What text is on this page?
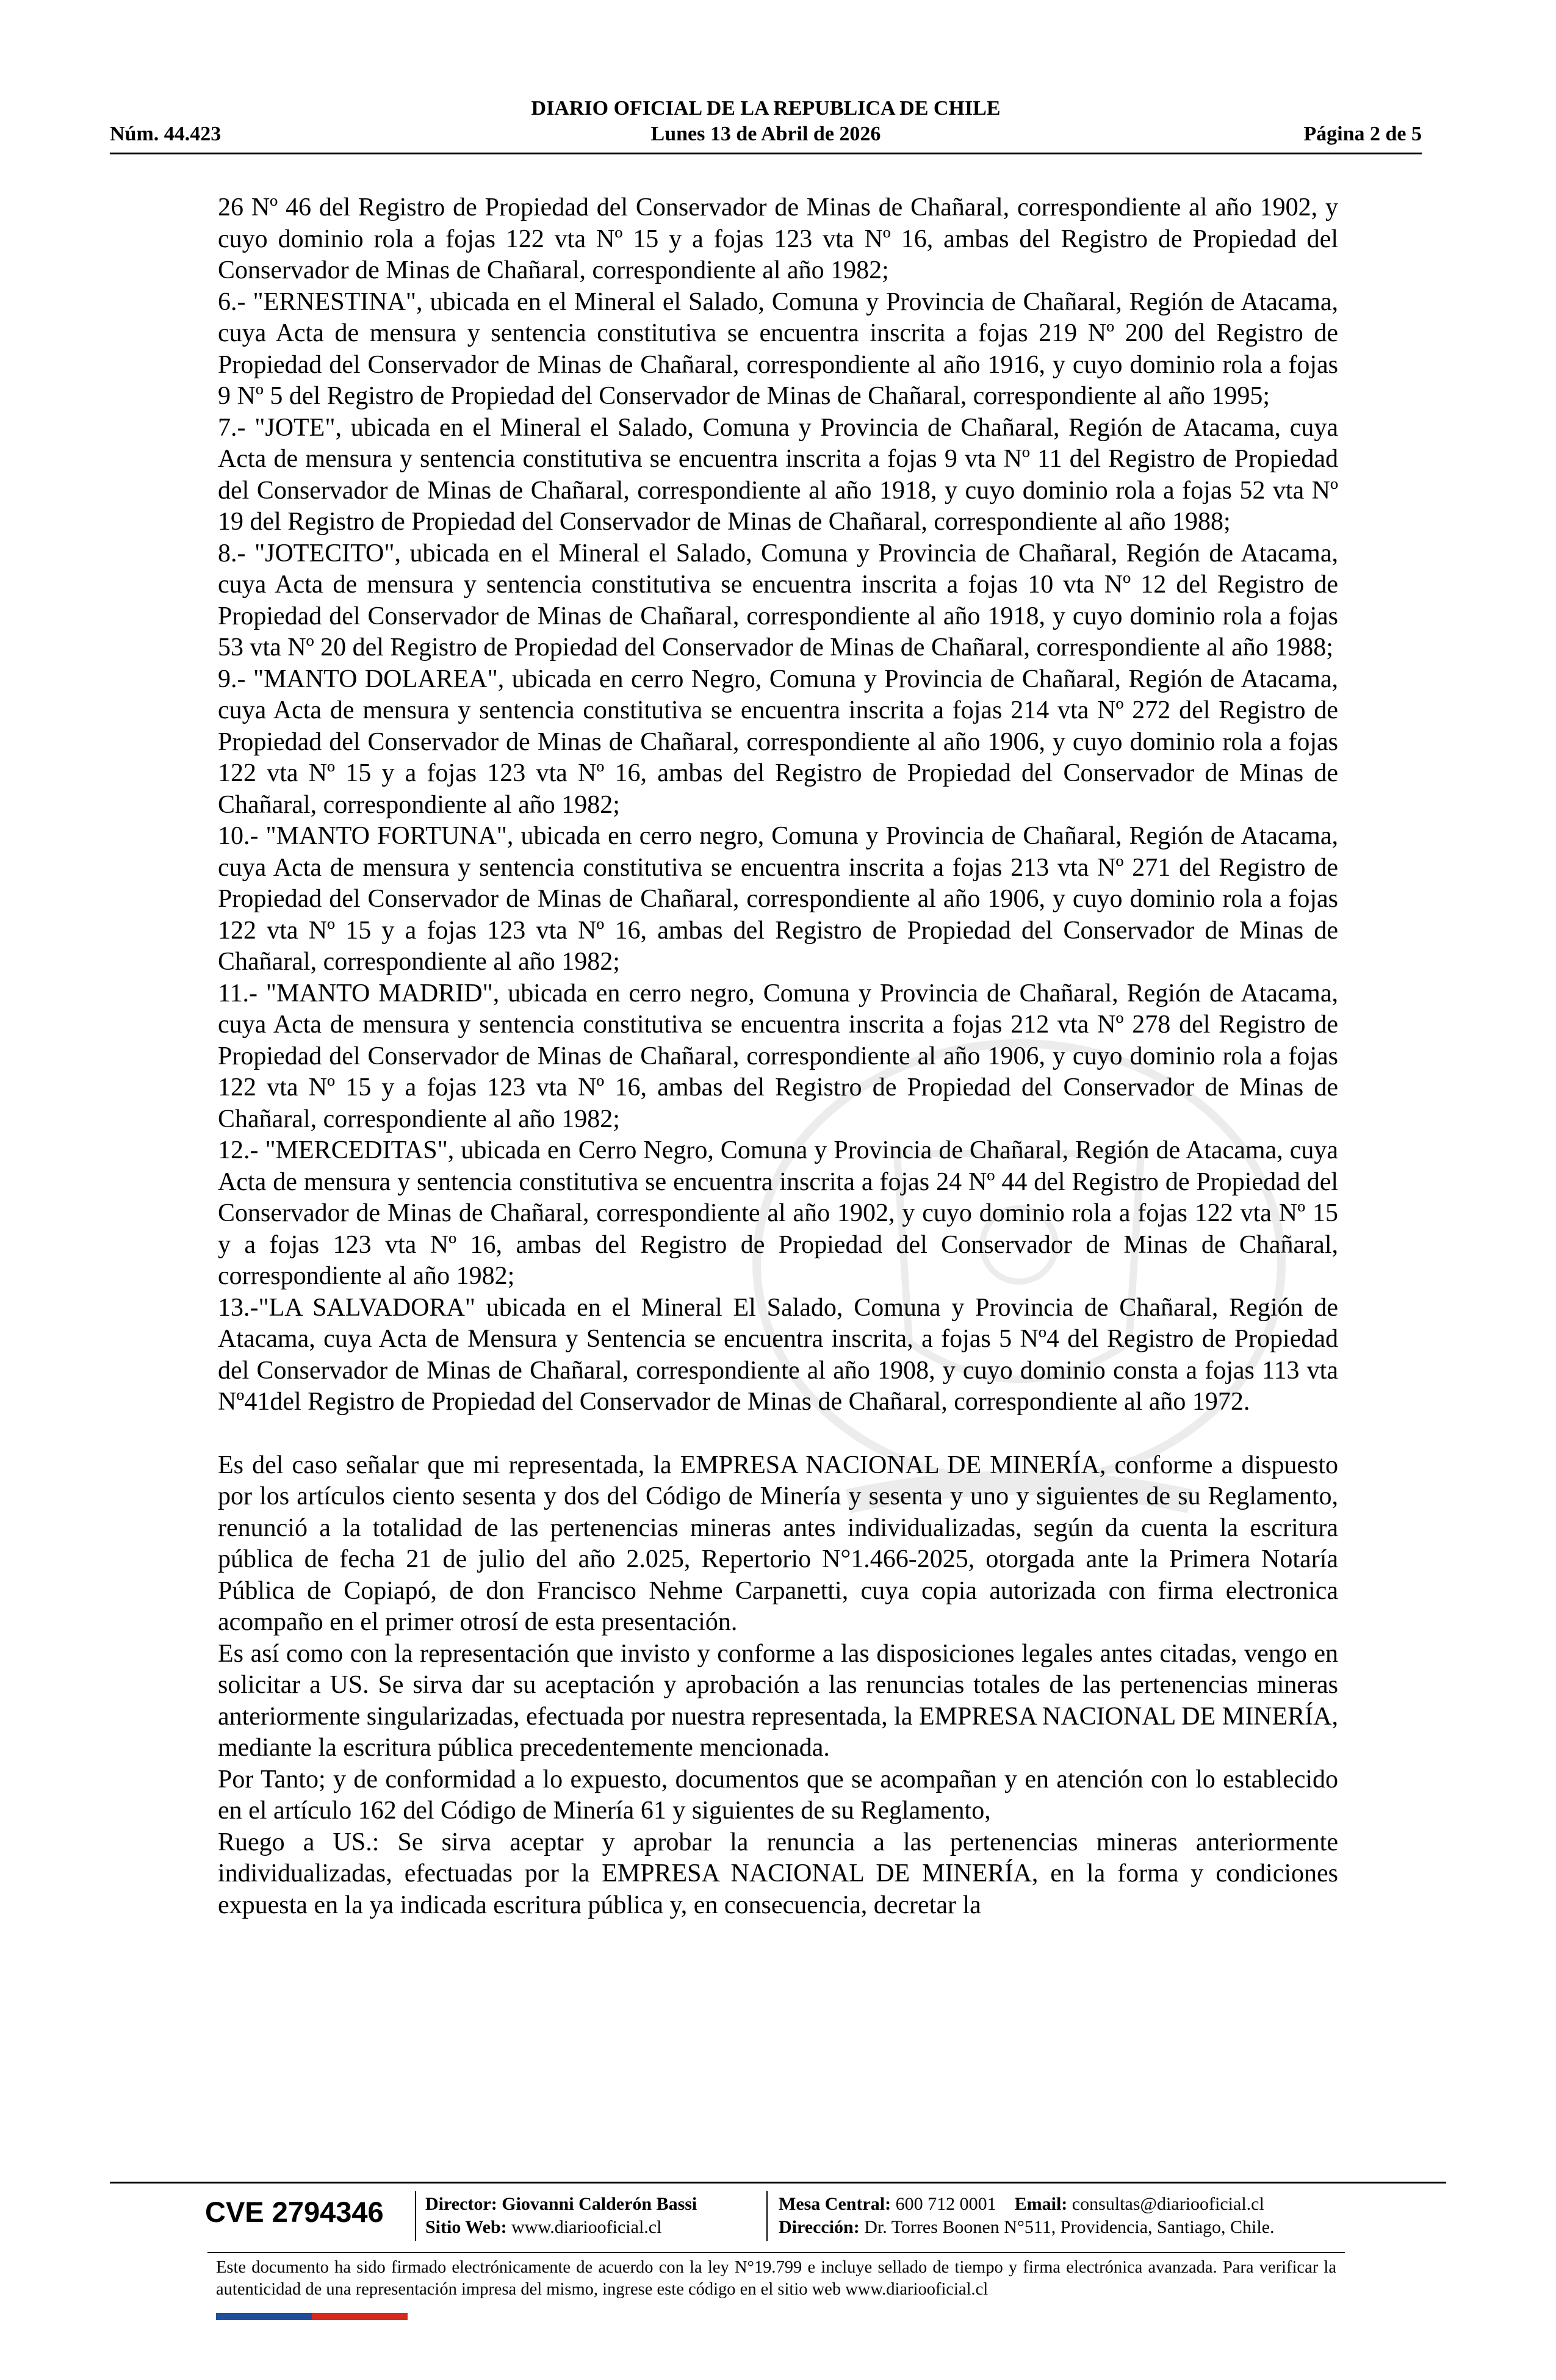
DIARIO OFICIAL DE LA REPUBLICA DE CHILE
Núm. 44.423	Lunes 13 de Abril de 2026	Página 2 de 5

26 Nº 46 del Registro de Propiedad del Conservador de Minas de Chañaral, correspondiente al año 1902, y cuyo dominio rola a fojas 122 vta Nº 15 y a fojas 123 vta Nº 16, ambas del Registro de Propiedad del Conservador de Minas de Chañaral, correspondiente al año 1982;

6.- "ERNESTINA", ubicada en el Mineral el Salado, Comuna y Provincia de Chañaral, Región de Atacama, cuya Acta de mensura y sentencia constitutiva se encuentra inscrita a fojas 219 Nº 200 del Registro de Propiedad del Conservador de Minas de Chañaral, correspondiente al año 1916, y cuyo dominio rola a fojas 9 Nº 5 del Registro de Propiedad del Conservador de Minas de Chañaral, correspondiente al año 1995;

7.- "JOTE", ubicada en el Mineral el Salado, Comuna y Provincia de Chañaral, Región de Atacama, cuya Acta de mensura y sentencia constitutiva se encuentra inscrita a fojas 9 vta Nº 11 del Registro de Propiedad del Conservador de Minas de Chañaral, correspondiente al año 1918, y cuyo dominio rola a fojas 52 vta Nº 19 del Registro de Propiedad del Conservador de Minas de Chañaral, correspondiente al año 1988;

8.- "JOTECITO", ubicada en el Mineral el Salado, Comuna y Provincia de Chañaral, Región de Atacama, cuya Acta de mensura y sentencia constitutiva se encuentra inscrita a fojas 10 vta Nº 12 del Registro de Propiedad del Conservador de Minas de Chañaral, correspondiente al año 1918, y cuyo dominio rola a fojas 53 vta Nº 20 del Registro de Propiedad del Conservador de Minas de Chañaral, correspondiente al año 1988;

9.- "MANTO DOLAREA", ubicada en cerro Negro, Comuna y Provincia de Chañaral, Región de Atacama, cuya Acta de mensura y sentencia constitutiva se encuentra inscrita a fojas 214 vta Nº 272 del Registro de Propiedad del Conservador de Minas de Chañaral, correspondiente al año 1906, y cuyo dominio rola a fojas 122 vta Nº 15 y a fojas 123 vta Nº 16, ambas del Registro de Propiedad del Conservador de Minas de Chañaral, correspondiente al año 1982;

10.- "MANTO FORTUNA", ubicada en cerro negro, Comuna y Provincia de Chañaral, Región de Atacama, cuya Acta de mensura y sentencia constitutiva se encuentra inscrita a fojas 213 vta Nº 271 del Registro de Propiedad del Conservador de Minas de Chañaral, correspondiente al año 1906, y cuyo dominio rola a fojas 122 vta Nº 15 y a fojas 123 vta Nº 16, ambas del Registro de Propiedad del Conservador de Minas de Chañaral, correspondiente al año 1982;

11.- "MANTO MADRID", ubicada en cerro negro, Comuna y Provincia de Chañaral, Región de Atacama, cuya Acta de mensura y sentencia constitutiva se encuentra inscrita a fojas 212 vta Nº 278 del Registro de Propiedad del Conservador de Minas de Chañaral, correspondiente al año 1906, y cuyo dominio rola a fojas 122 vta Nº 15 y a fojas 123 vta Nº 16, ambas del Registro de Propiedad del Conservador de Minas de Chañaral, correspondiente al año 1982;

12.- "MERCEDITAS", ubicada en Cerro Negro, Comuna y Provincia de Chañaral, Región de Atacama, cuya Acta de mensura y sentencia constitutiva se encuentra inscrita a fojas 24 Nº 44 del Registro de Propiedad del Conservador de Minas de Chañaral, correspondiente al año 1902, y cuyo dominio rola a fojas 122 vta Nº 15 y a fojas 123 vta Nº 16, ambas del Registro de Propiedad del Conservador de Minas de Chañaral, correspondiente al año 1982;

13.-"LA SALVADORA" ubicada en el Mineral El Salado, Comuna y Provincia de Chañaral, Región de Atacama, cuya Acta de Mensura y Sentencia se encuentra inscrita, a fojas 5 Nº4 del Registro de Propiedad del Conservador de Minas de Chañaral, correspondiente al año 1908, y cuyo dominio consta a fojas 113 vta Nº41del Registro de Propiedad del Conservador de Minas de Chañaral, correspondiente al año 1972.

Es del caso señalar que mi representada, la EMPRESA NACIONAL DE MINERÍA, conforme a dispuesto por los artículos ciento sesenta y dos del Código de Minería y sesenta y uno y siguientes de su Reglamento, renunció a la totalidad de las pertenencias mineras antes individualizadas, según da cuenta la escritura pública de fecha 21 de julio del año 2.025, Repertorio N°1.466-2025, otorgada ante la Primera Notaría Pública de Copiapó, de don Francisco Nehme Carpanetti, cuya copia autorizada con firma electronica acompaño en el primer otrosí de esta presentación.

Es así como con la representación que invisto y conforme a las disposiciones legales antes citadas, vengo en solicitar a US. Se sirva dar su aceptación y aprobación a las renuncias totales de las pertenencias mineras anteriormente singularizadas, efectuada por nuestra representada, la EMPRESA NACIONAL DE MINERÍA, mediante la escritura pública precedentemente mencionada.

Por Tanto; y de conformidad a lo expuesto, documentos que se acompañan y en atención con lo establecido en el artículo 162 del Código de Minería 61 y siguientes de su Reglamento,

Ruego a US.: Se sirva aceptar y aprobar la renuncia a las pertenencias mineras anteriormente individualizadas, efectuadas por la EMPRESA NACIONAL DE MINERÍA, en la forma y condiciones expuesta en la ya indicada escritura pública y, en consecuencia, decretar la

CVE 2794346 Director: Giovanni Calderón Bassi
Sitio Web: www.diariooficial.cl
Mesa Central: 600 712 0001 Email: consultas@diariooficial.cl
Dirección: Dr. Torres Boonen N°511, Providencia, Santiago, Chile.
Este documento ha sido firmado electrónicamente de acuerdo con la ley N°19.799 e incluye sellado de tiempo y firma electrónica avanzada. Para verificar la autenticidad de una representación impresa del mismo, ingrese este código en el sitio web www.diariooficial.cl
